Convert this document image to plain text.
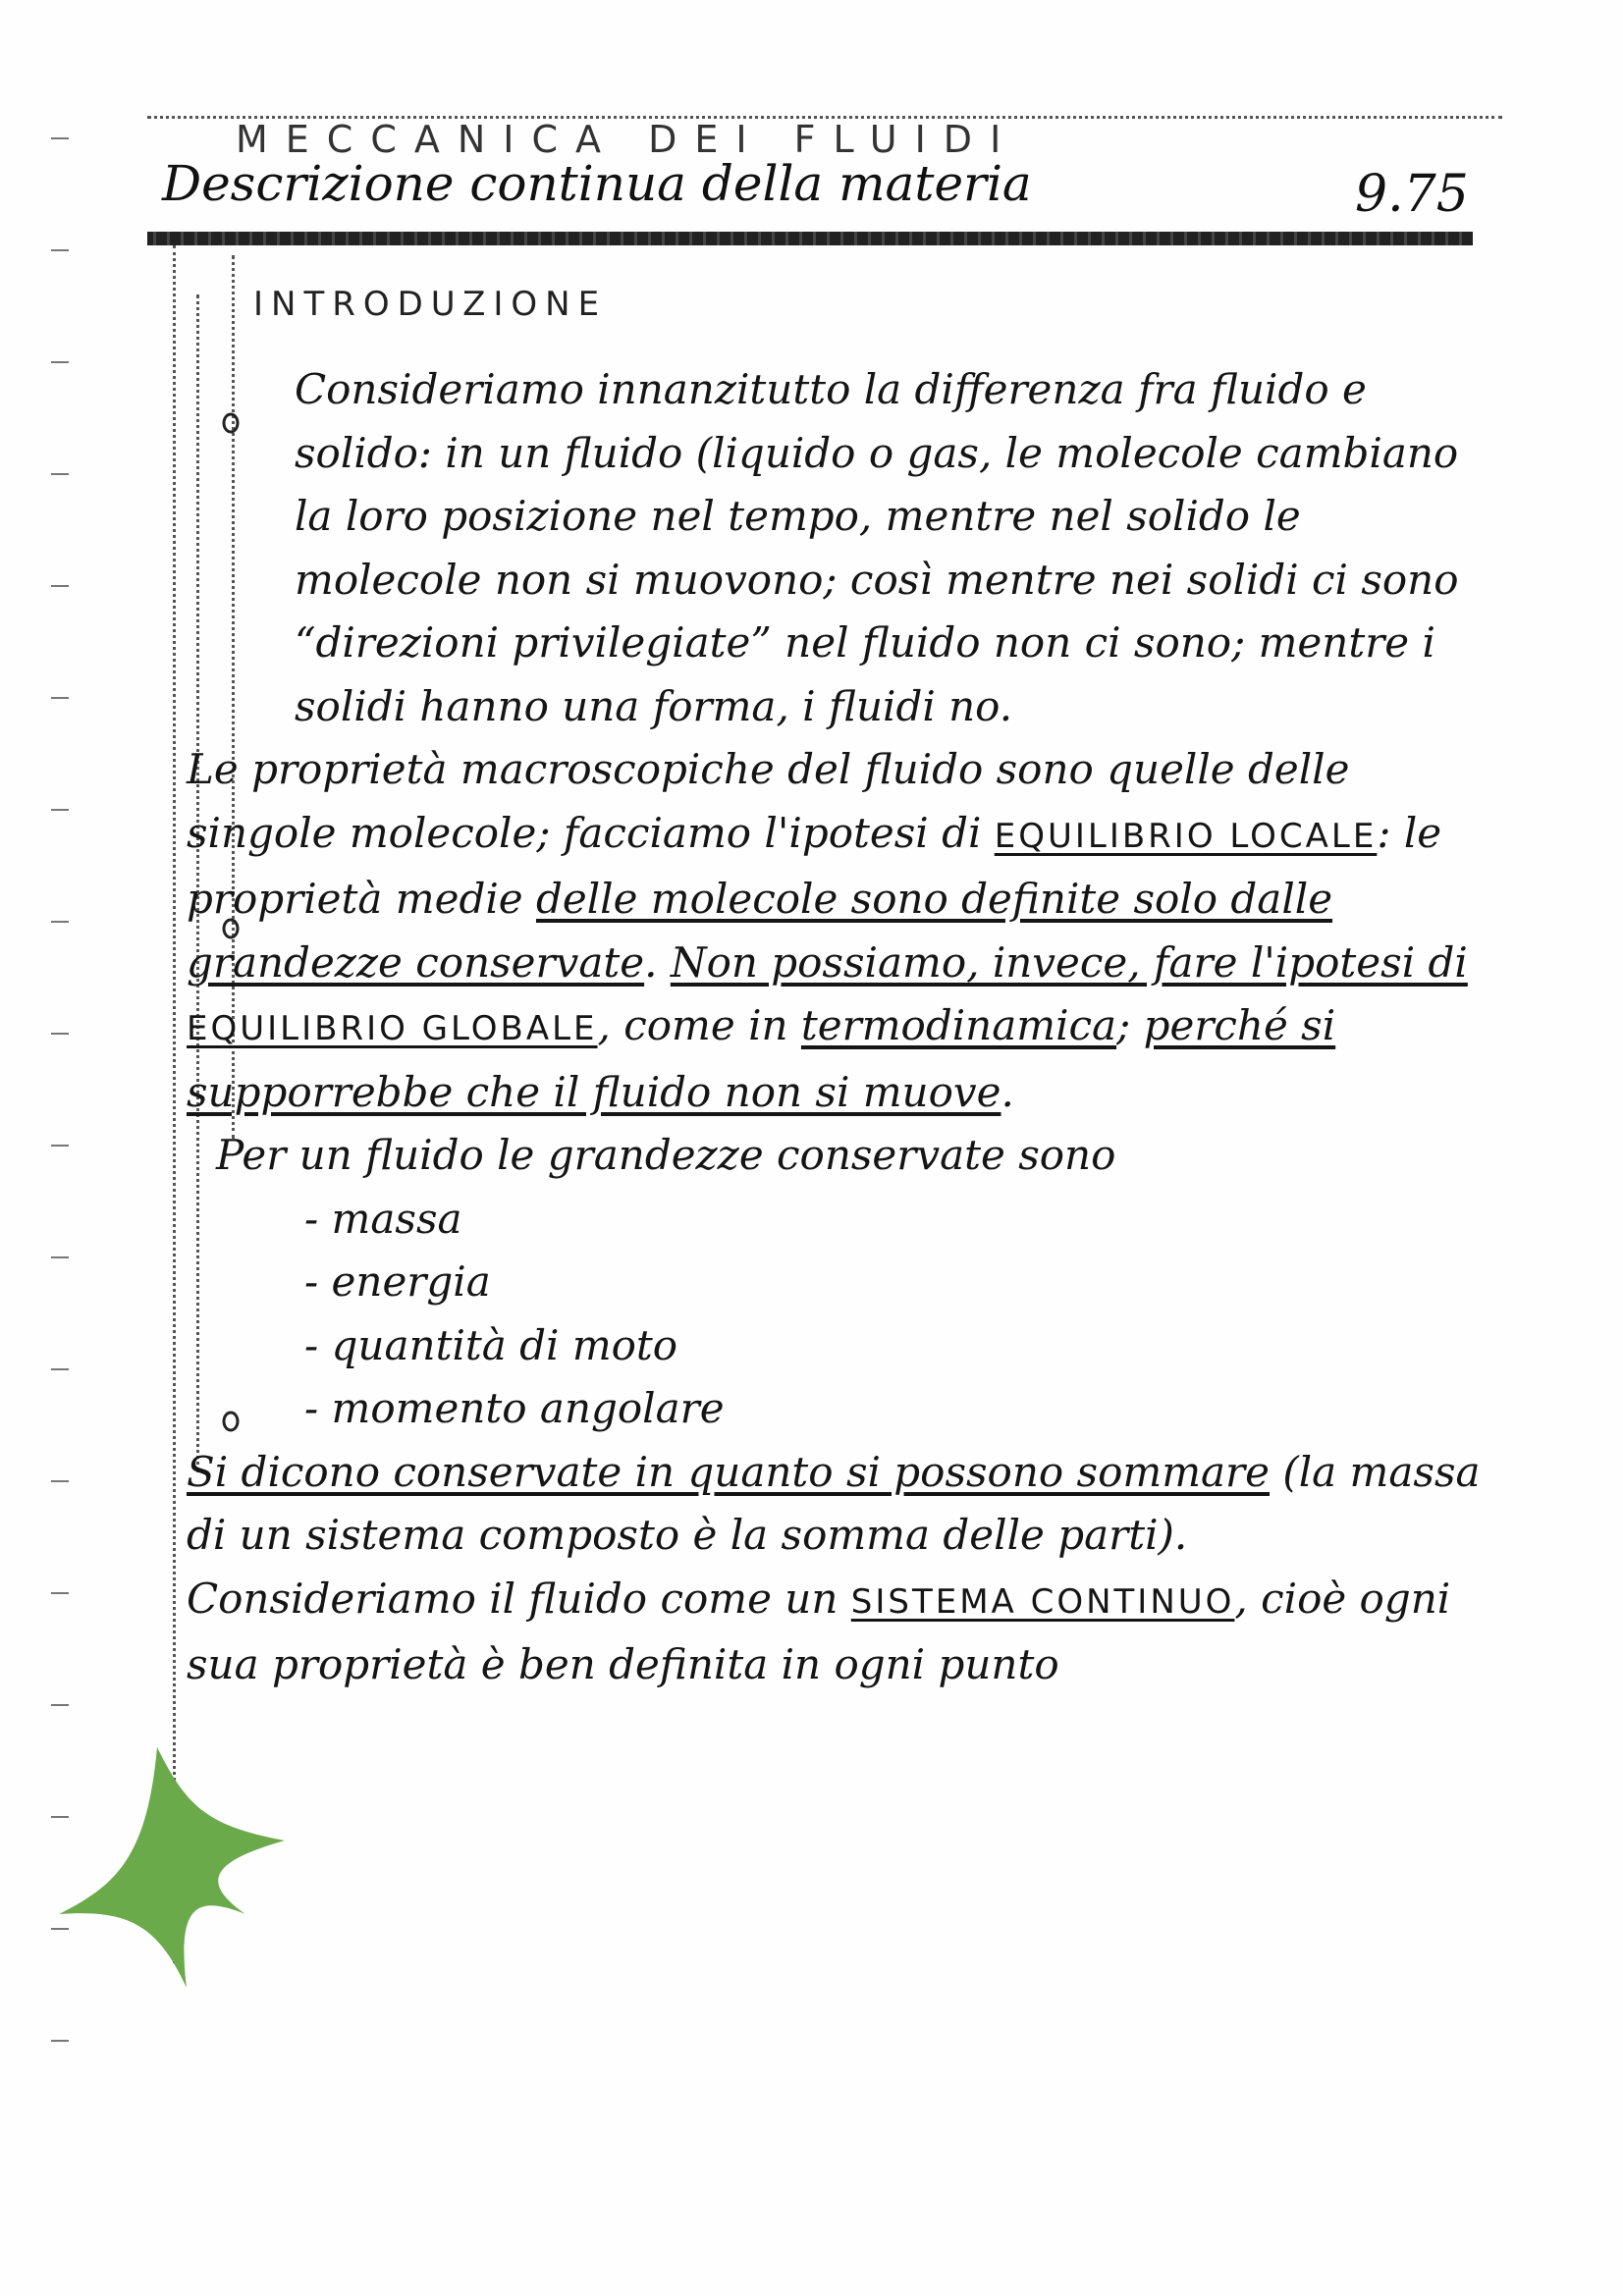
MECCANICA DEI FLUIDI
Descrizione continua della materia	9.75
INTRODUZIONE

Consideriamo innanzitutto la differenza fra fluido e solido: in un fluido (liquido o gas, le molecole cambiano la loro posizione nel tempo, mentre nel solido le molecole non si muovono; così mentre nei solidi ci sono “direzioni privilegiate” nel fluido non ci sono; mentre i solidi hanno una forma, i fluidi no.

Le proprietà macroscopiche del fluido sono quelle delle singole molecole; facciamo l'ipotesi di EQUILIBRIO LOCALE: le proprietà medie delle molecole sono definite solo dalle grandezze conservate. Non possiamo, invece, fare l'ipotesi di EQUILIBRIO GLOBALE, come in termodinamica; perché si supporrebbe che il fluido non si muove.

Per un fluido le grandezze conservate sono

- massa
- energia
- quantità di moto
- momento angolare

Si dicono conservate in quanto si possono sommare (la massa di un sistema composto è la somma delle parti).

Consideriamo il fluido come un SISTEMA CONTINUO, cioè ogni sua proprietà è ben definita in ogni punto
